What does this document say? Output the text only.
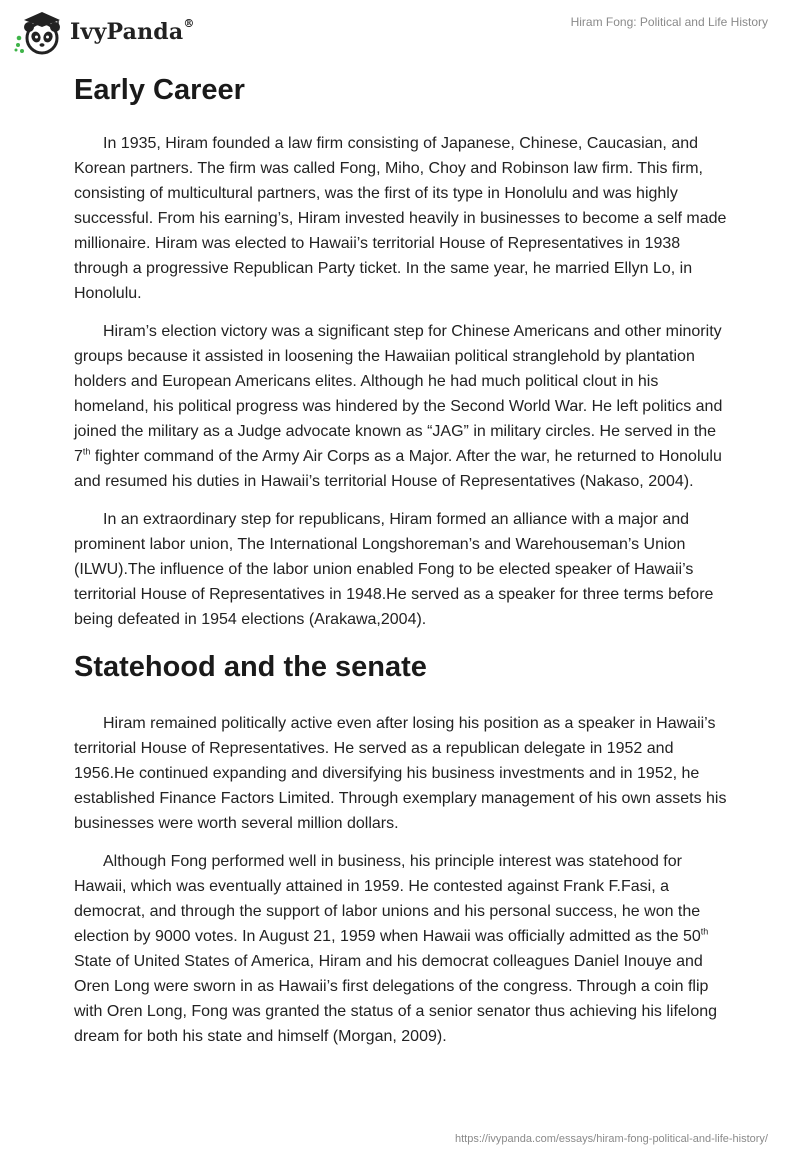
IvyPanda®	Hiram Fong: Political and Life History
Early Career

In 1935, Hiram founded a law firm consisting of Japanese, Chinese, Caucasian, and Korean partners. The firm was called Fong, Miho, Choy and Robinson law firm. This firm, consisting of multicultural partners, was the first of its type in Honolulu and was highly successful. From his earning’s, Hiram invested heavily in businesses to become a self made millionaire. Hiram was elected to Hawaii’s territorial House of Representatives in 1938 through a progressive Republican Party ticket. In the same year, he married Ellyn Lo, in Honolulu.

Hiram’s election victory was a significant step for Chinese Americans and other minority groups because it assisted in loosening the Hawaiian political stranglehold by plantation holders and European Americans elites. Although he had much political clout in his homeland, his political progress was hindered by the Second World War. He left politics and joined the military as a Judge advocate known as “JAG” in military circles. He served in the 7th fighter command of the Army Air Corps as a Major. After the war, he returned to Honolulu and resumed his duties in Hawaii’s territorial House of Representatives (Nakaso, 2004).

In an extraordinary step for republicans, Hiram formed an alliance with a major and prominent labor union, The International Longshoreman’s and Warehouseman’s Union (ILWU).The influence of the labor union enabled Fong to be elected speaker of Hawaii’s territorial House of Representatives in 1948.He served as a speaker for three terms before being defeated in 1954 elections (Arakawa,2004).

Statehood and the senate

Hiram remained politically active even after losing his position as a speaker in Hawaii’s territorial House of Representatives. He served as a republican delegate in 1952 and 1956.He continued expanding and diversifying his business investments and in 1952, he established Finance Factors Limited. Through exemplary management of his own assets his businesses were worth several million dollars.

Although Fong performed well in business, his principle interest was statehood for Hawaii, which was eventually attained in 1959. He contested against Frank F.Fasi, a democrat, and through the support of labor unions and his personal success, he won the election by 9000 votes. In August 21, 1959 when Hawaii was officially admitted as the 50th State of United States of America, Hiram and his democrat colleagues Daniel Inouye and Oren Long were sworn in as Hawaii’s first delegations of the congress. Through a coin flip with Oren Long, Fong was granted the status of a senior senator thus achieving his lifelong dream for both his state and himself (Morgan, 2009).

https://ivypanda.com/essays/hiram-fong-political-and-life-history/
